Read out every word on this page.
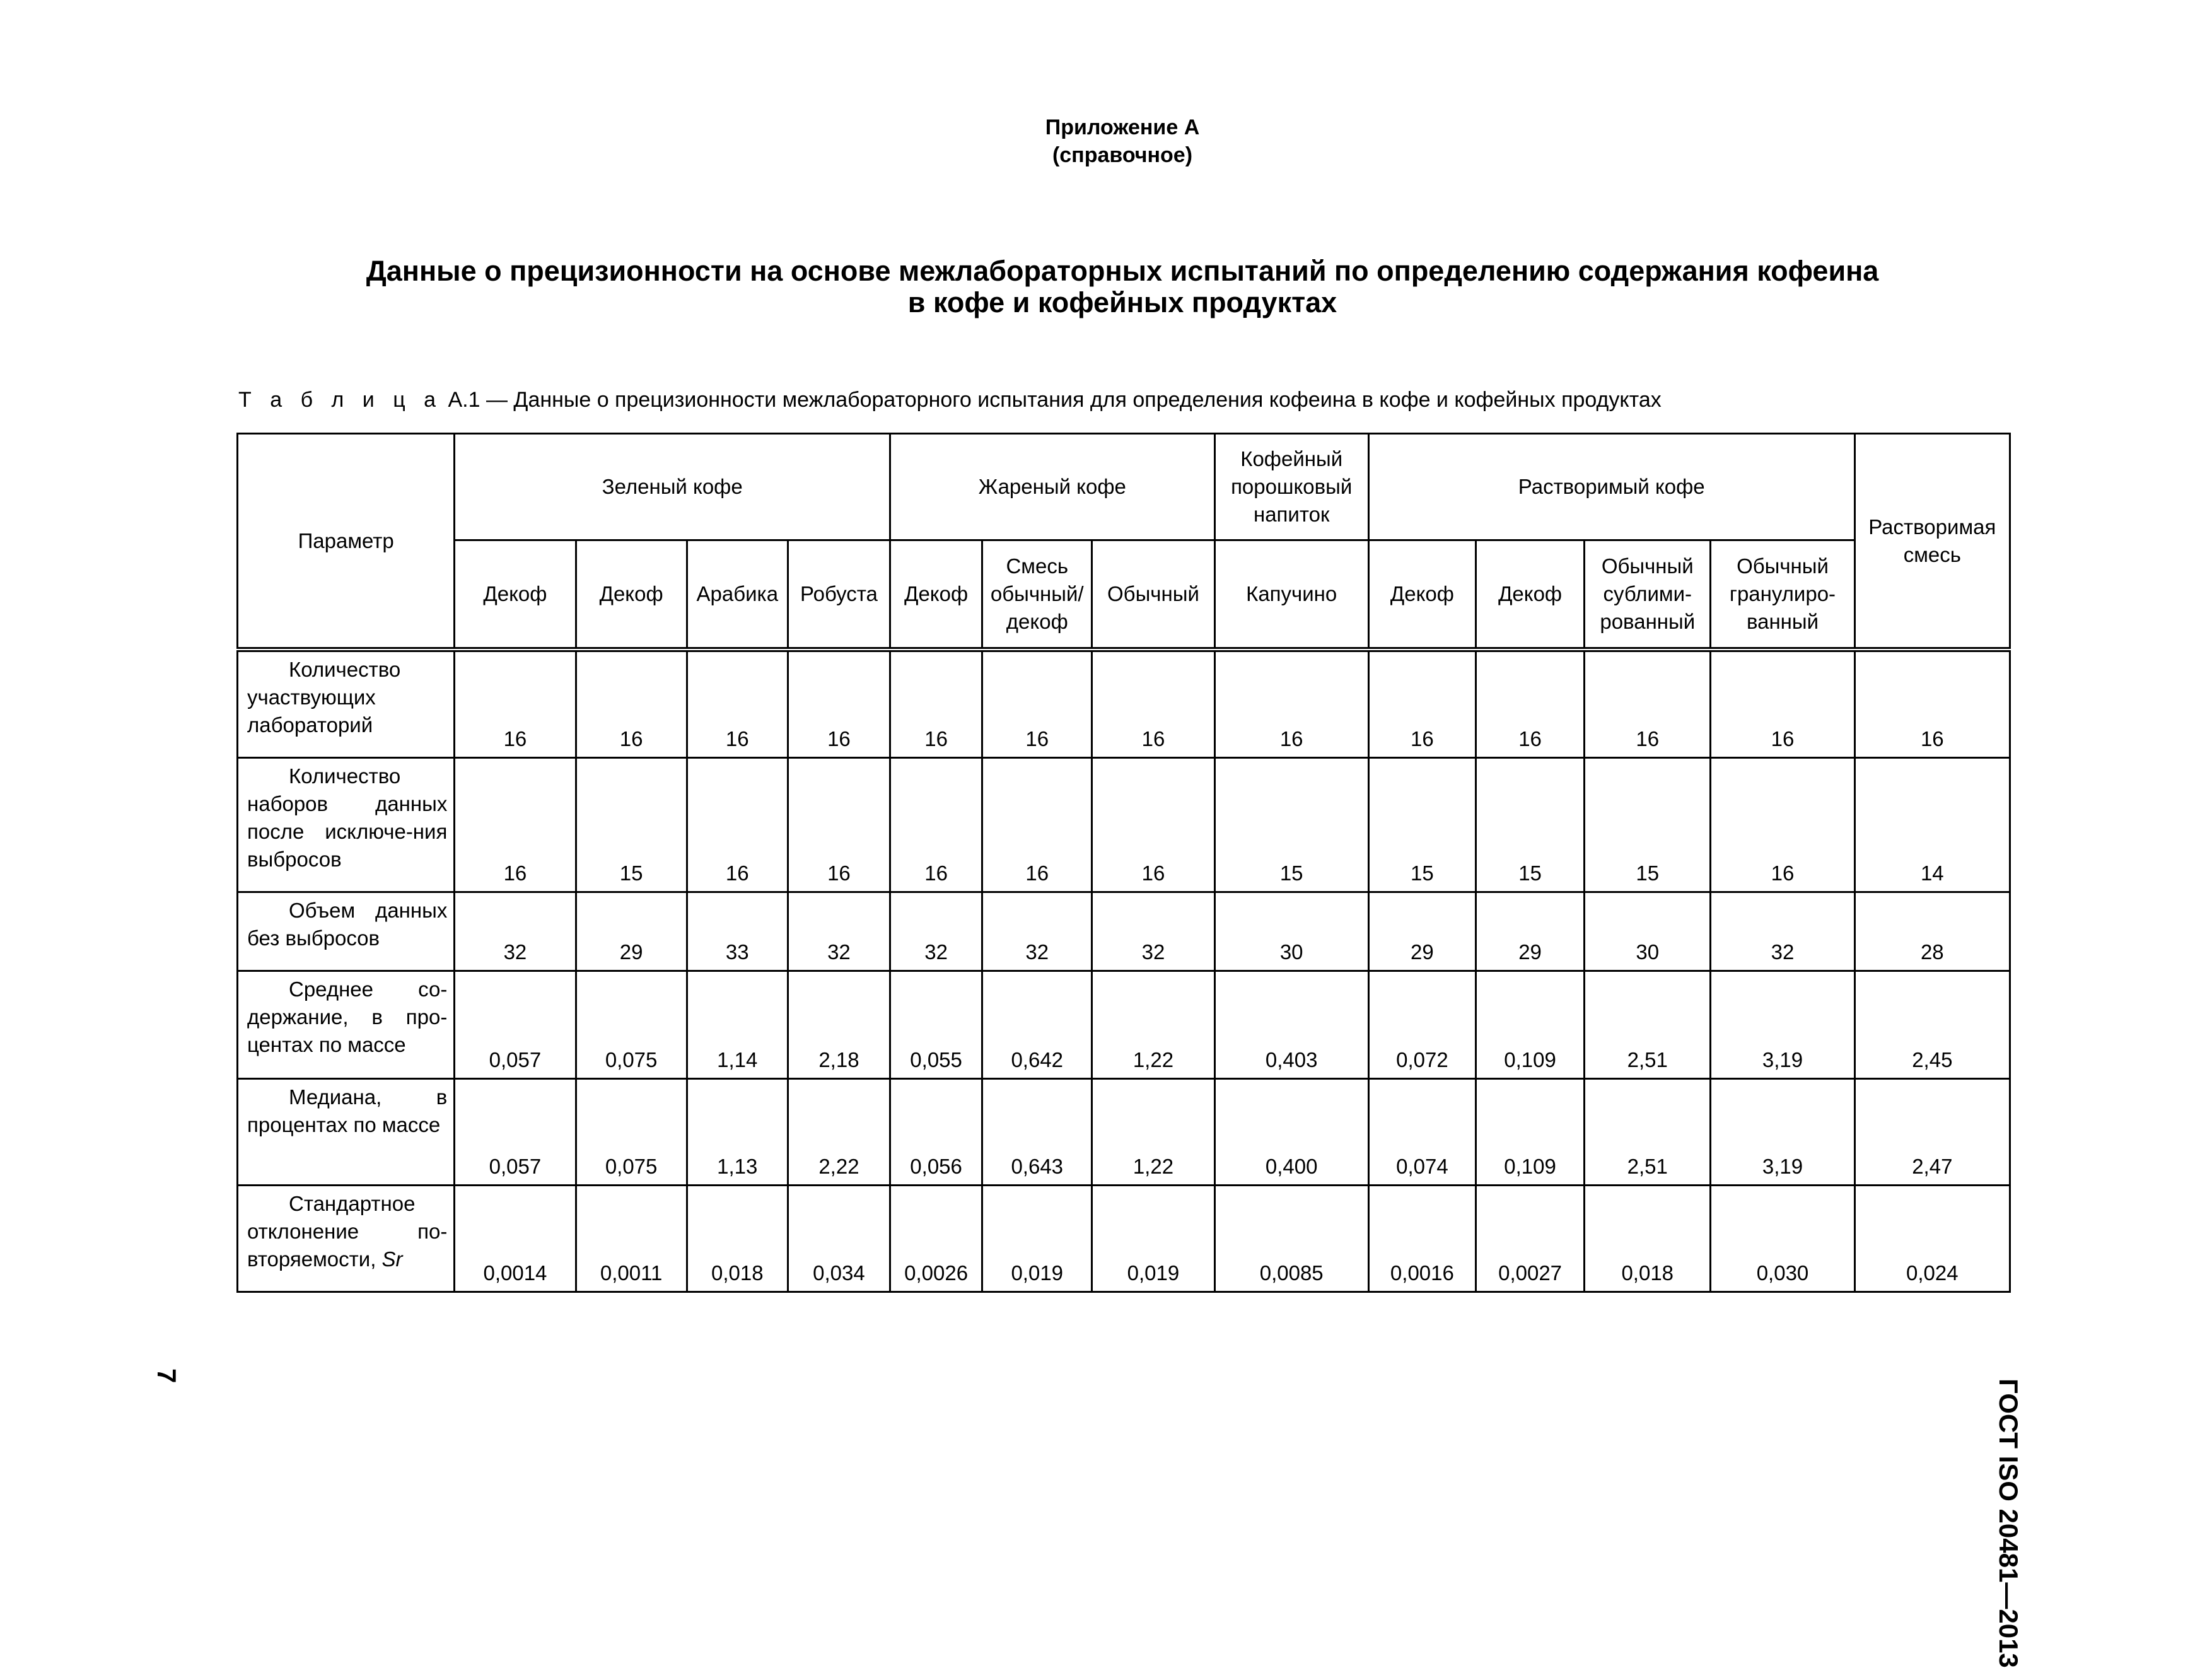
Приложение А
(справочное)
Данные о прецизионности на основе межлабораторных испытаний по определению содержания кофеина
в кофе и кофейных продуктах
Т а б л и ц а А.1 — Данные о прецизионности межлабораторного испытания для определения кофеина в кофе и кофейных продуктах
Параметр	Зеленый кофе				Жареный кофе			Кофейный порошковый напиток	Растворимый кофе				Растворимая смесь
	Декоф	Декоф	Арабика	Робуста	Декоф	Смесь обычный/ декоф	Обычный	Капучино	Декоф	Декоф	Обычный сублими-рованный	Обычный гранулиро-ванный	

Количество участвующих лабораторий	16	16	16	16	16	16	16	16	16	16	16	16	16

Количество наборов данных после исключе-ния выбросов	16	15	16	16	16	16	16	15	15	15	15	16	14

Объем данных без выбросов	32	29	33	32	32	32	32	30	29	29	30	32	28

Среднее со-держание, в про-центах по массе	0,057	0,075	1,14	2,18	0,055	0,642	1,22	0,403	0,072	0,109	2,51	3,19	2,45

Медиана, в процентах по массе	0,057	0,075	1,13	2,22	0,056	0,643	1,22	0,400	0,074	0,109	2,51	3,19	2,47

Стандартное отклонение по-вторяемости, Sr	0,0014	0,0011	0,018	0,034	0,0026	0,019	0,019	0,0085	0,0016	0,0027	0,018	0,030	0,024
ГОСТ ISO 20481—2013
7
